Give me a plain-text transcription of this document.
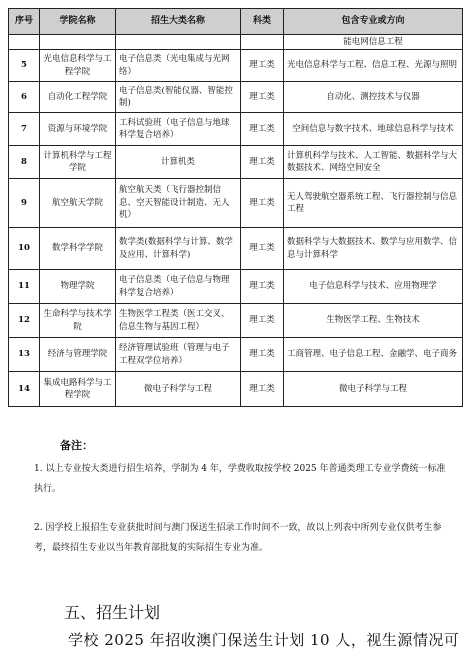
序号	学院名称	招生大类名称	科类	包含专业或方向
				能电网信息工程
5	光电信息科学与工程学院	电子信息类（光电集成与光网络）	理工类	光电信息科学与工程、信息工程、光源与照明
6	自动化工程学院	电子信息类(智能仪器、智能控制)	理工类	自动化、测控技术与仪器
7	资源与环境学院	工科试验班（电子信息与地球科学复合培养）	理工类	空间信息与数字技术、地球信息科学与技术
8	计算机科学与工程学院	计算机类	理工类	计算机科学与技术、人工智能、数据科学与大数据技术、网络空间安全
9	航空航天学院	航空航天类（飞行器控制信息、空天智能设计制造、无人机）	理工类	无人驾驶航空器系统工程、飞行器控制与信息工程
10	数学科学学院	数学类(数据科学与计算、数学及应用、计算科学)	理工类	数据科学与大数据技术、数学与应用数学、信息与计算科学
11	物理学院	电子信息类（电子信息与物理科学复合培养）	理工类	电子信息科学与技术、应用物理学
12	生命科学与技术学院	生物医学工程类（医工交叉、信息生物与基因工程）	理工类	生物医学工程、生物技术
13	经济与管理学院	经济管理试验班（管理与电子工程双学位培养）	理工类	工商管理、电子信息工程、金融学、电子商务
14	集成电路科学与工程学院	微电子科学与工程	理工类	微电子科学与工程
备注：
1. 以上专业按大类进行招生培养，学制为 4 年，学费收取按学校 2025 年普通类理工专业学费统一标准执行。
2. 因学校上报招生专业获批时间与澳门保送生招录工作时间不一致，故以上列表中所列专业仅供考生参考，最终招生专业以当年教育部批复的实际招生专业为准。
五、招生计划
学校 2025 年招收澳门保送生计划 10 人，视生源情况可
